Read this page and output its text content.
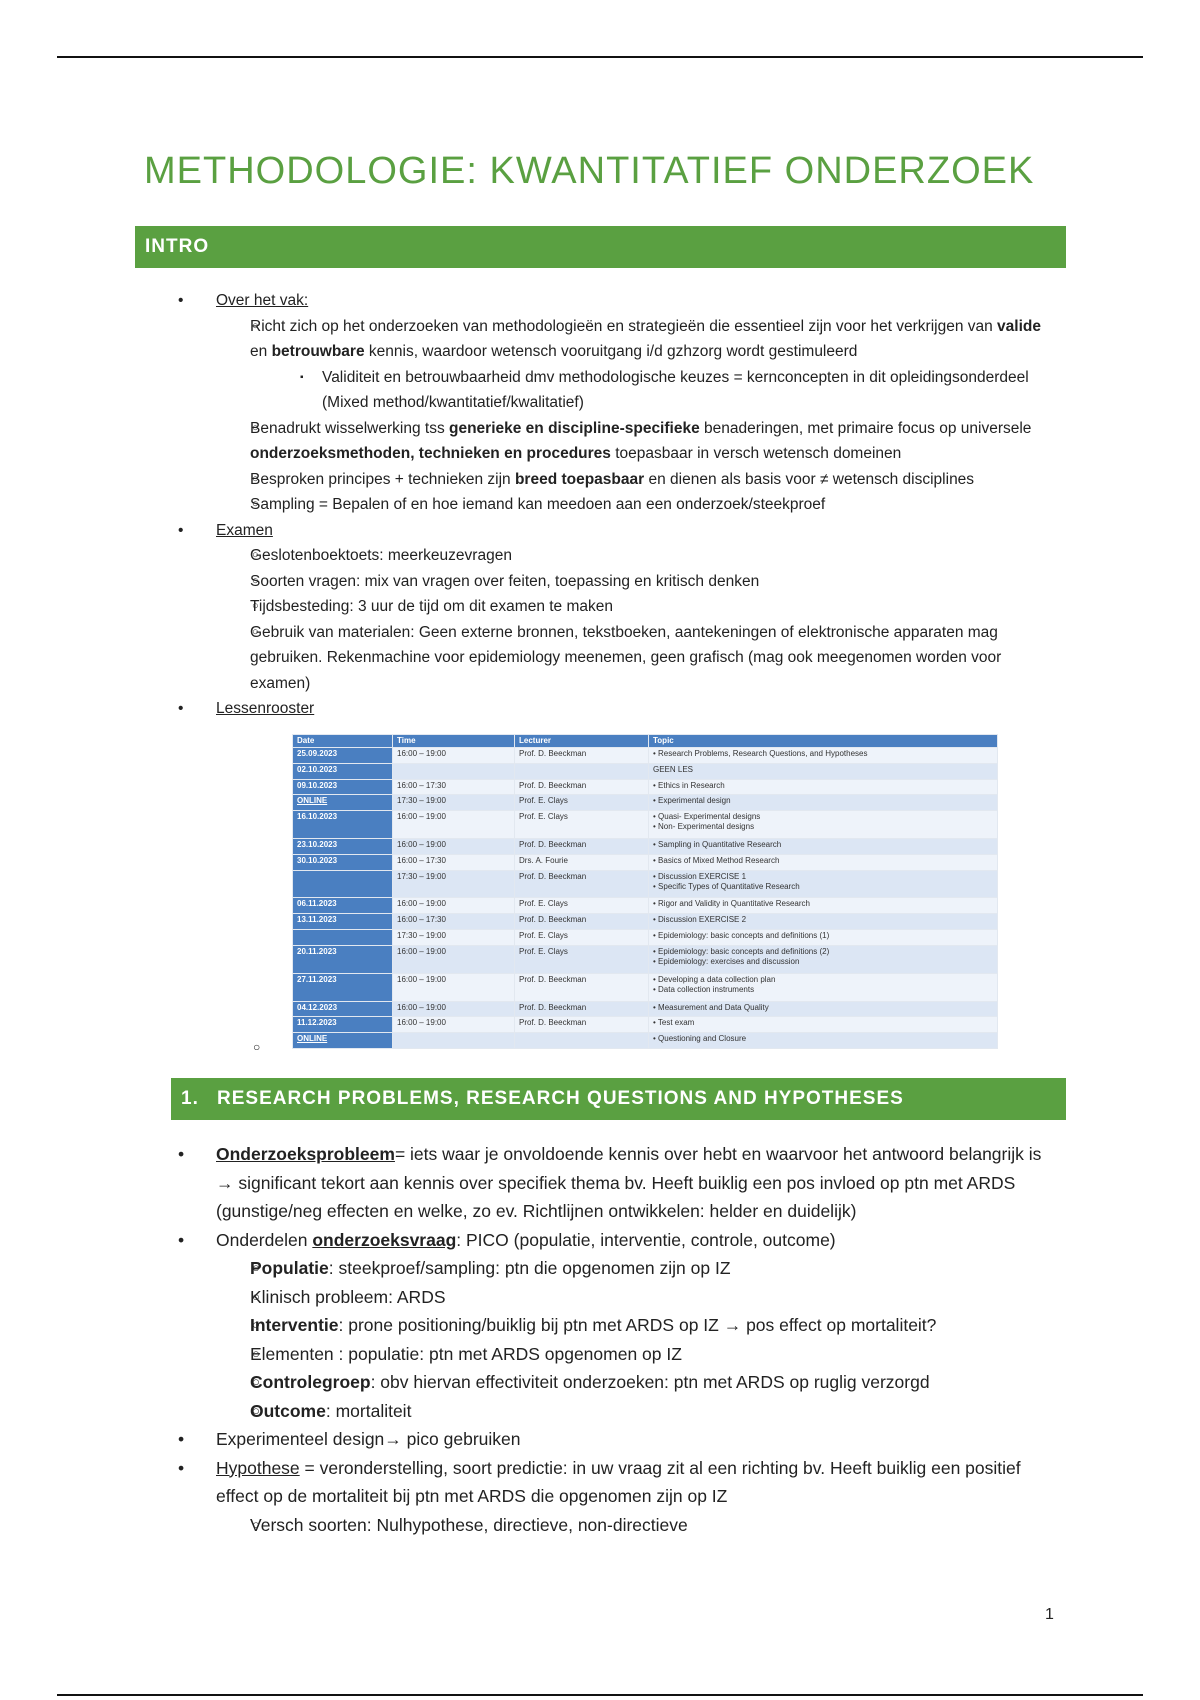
METHODOLOGIE: KWANTITATIEF ONDERZOEK
INTRO
• Over het vak:
○ Richt zich op het onderzoeken van methodologieën en strategieën die essentieel zijn voor het verkrijgen van valide en betrouwbare kennis, waardoor wetensch vooruitgang i/d gzhzorg wordt gestimuleerd
▪ Validiteit en betrouwbaarheid dmv methodologische keuzes = kernconcepten in dit opleidingsonderdeel (Mixed method/kwantitatief/kwalitatief)
○ Benadrukt wisselwerking tss generieke en discipline-specifieke benaderingen, met primaire focus op universele onderzoeksmethoden, technieken en procedures toepasbaar in versch wetensch domeinen
○ Besproken principes + technieken zijn breed toepasbaar en dienen als basis voor ≠ wetensch disciplines
○ Sampling = Bepalen of en hoe iemand kan meedoen aan een onderzoek/steekproef
• Examen
○ Geslotenboektoets: meerkeuzevragen
○ Soorten vragen: mix van vragen over feiten, toepassing en kritisch denken
○ Tijdsbesteding: 3 uur de tijd om dit examen te maken
○ Gebruik van materialen: Geen externe bronnen, tekstboeken, aantekeningen of elektronische apparaten mag gebruiken. Rekenmachine voor epidemiology meenemen, geen grafisch (mag ook meegenomen worden voor examen)
• Lessenrooster
Date	Time	Lecturer	Topic
25.09.2023	16:00 – 19:00	Prof. D. Beeckman	• Research Problems, Research Questions, and Hypotheses

02.10.2023			GEEN LES

09.10.2023	16:00 – 17:30	Prof. D. Beeckman	• Ethics in Research

ONLINE	17:30 – 19:00	Prof. E. Clays	• Experimental design

16.10.2023	16:00 – 19:00	Prof. E. Clays	• Quasi- Experimental designs
• Non- Experimental designs

23.10.2023	16:00 – 19:00	Prof. D. Beeckman	• Sampling in Quantitative Research

30.10.2023	16:00 – 17:30	Drs. A. Fourie	• Basics of Mixed Method Research

	17:30 – 19:00	Prof. D. Beeckman	• Discussion EXERCISE 1
• Specific Types of Quantitative Research

06.11.2023	16:00 – 19:00	Prof. E. Clays	• Rigor and Validity in Quantitative Research

13.11.2023	16:00 – 17:30	Prof. D. Beeckman	• Discussion EXERCISE 2

	17:30 – 19:00	Prof. E. Clays	• Epidemiology: basic concepts and definitions (1)

20.11.2023	16:00 – 19:00	Prof. E. Clays	• Epidemiology: basic concepts and definitions (2)
• Epidemiology: exercises and discussion

27.11.2023	16:00 – 19:00	Prof. D. Beeckman	• Developing a data collection plan
• Data collection instruments

04.12.2023	16:00 – 19:00	Prof. D. Beeckman	• Measurement and Data Quality

11.12.2023	16:00 – 19:00	Prof. D. Beeckman	• Test exam

ONLINE			• Questioning and Closure
○
1. RESEARCH PROBLEMS, RESEARCH QUESTIONS AND HYPOTHESES
• Onderzoeksprobleem= iets waar je onvoldoende kennis over hebt en waarvoor het antwoord belangrijk is → significant tekort aan kennis over specifiek thema bv. Heeft buiklig een pos invloed op ptn met ARDS (gunstige/neg effecten en welke, zo ev. Richtlijnen ontwikkelen: helder en duidelijk)
• Onderdelen onderzoeksvraag: PICO (populatie, interventie, controle, outcome)
○ Populatie: steekproef/sampling: ptn die opgenomen zijn op IZ
○ Klinisch probleem: ARDS
○ Interventie: prone positioning/buiklig bij ptn met ARDS op IZ → pos effect op mortaliteit?
○ Elementen : populatie: ptn met ARDS opgenomen op IZ
○ Controlegroep: obv hiervan effectiviteit onderzoeken: ptn met ARDS op ruglig verzorgd
○ Outcome: mortaliteit
• Experimenteel design→ pico gebruiken
• Hypothese = veronderstelling, soort predictie: in uw vraag zit al een richting bv. Heeft buiklig een positief effect op de mortaliteit bij ptn met ARDS die opgenomen zijn op IZ
○ Versch soorten: Nulhypothese, directieve, non-directieve
1
